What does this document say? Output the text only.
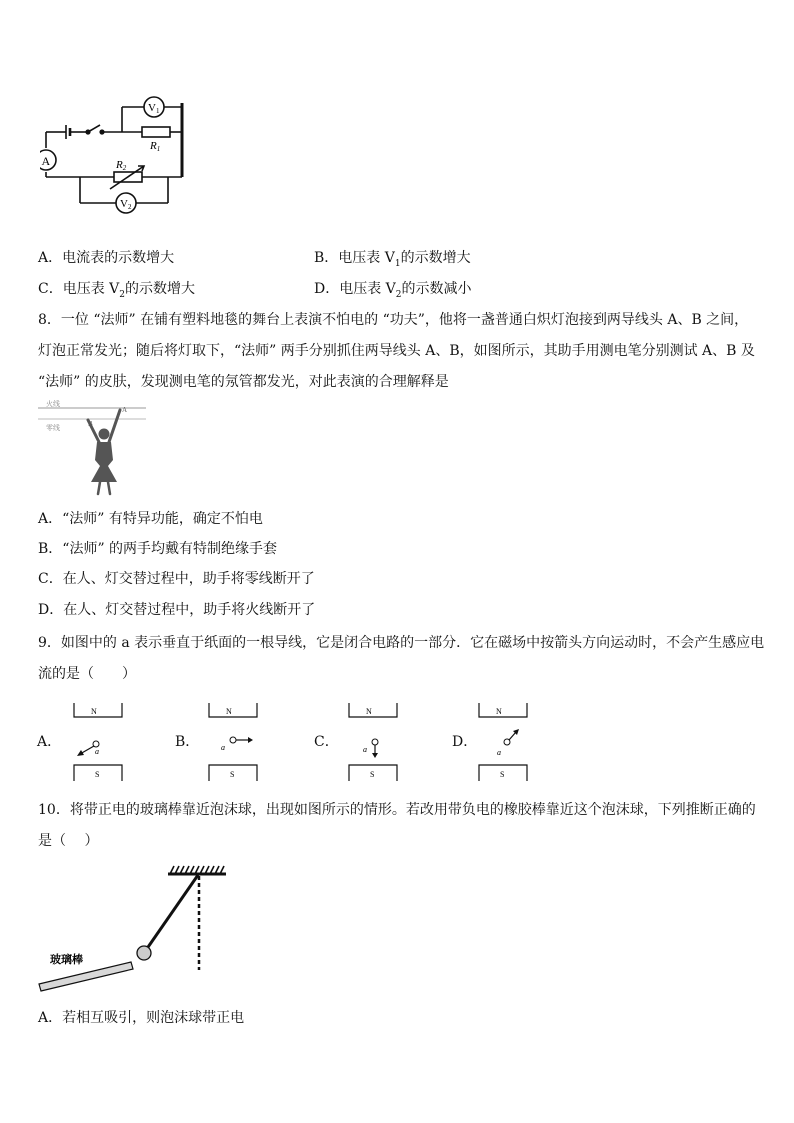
A
V1
V2
R1
R2
A．电流表的示数增大	B．电压表 $V_1$的示数增大
C．电压表 $V_2$的示数增大	D．电压表 $V_2$的示数减小
8．一位 “法师” 在铺有塑料地毯的舞台上表演不怕电的 “功夫”，他将一盏普通白炽灯泡接到两导线头 A、B 之间，
灯泡正常发光；随后将灯取下，“法师” 两手分别抓住两导线头 A、B，如图所示，其助手用测电笔分别测试 A、B 及
“法师” 的皮肤，发现测电笔的氖管都发光，对此表演的合理解释是
火线
零线
A
A．“法师” 有特异功能，确定不怕电
B．“法师” 的两手均戴有特制绝缘手套
C．在人、灯交替过程中，助手将零线断开了
D．在人、灯交替过程中，助手将火线断开了
9．如图中的 a 表示垂直于纸面的一根导线，它是闭合电路的一部分．它在磁场中按箭头方向运动时，不会产生感应电
流的是（　　）
A．
N
S
a
B．
N
S
a	C．
N
S
a	D．
N
S
a
10．将带正电的玻璃棒靠近泡沫球，出现如图所示的情形。若改用带负电的橡胶棒靠近这个泡沫球，下列推断正确的
是（　 ）
玻璃棒
A．若相互吸引，则泡沫球带正电
